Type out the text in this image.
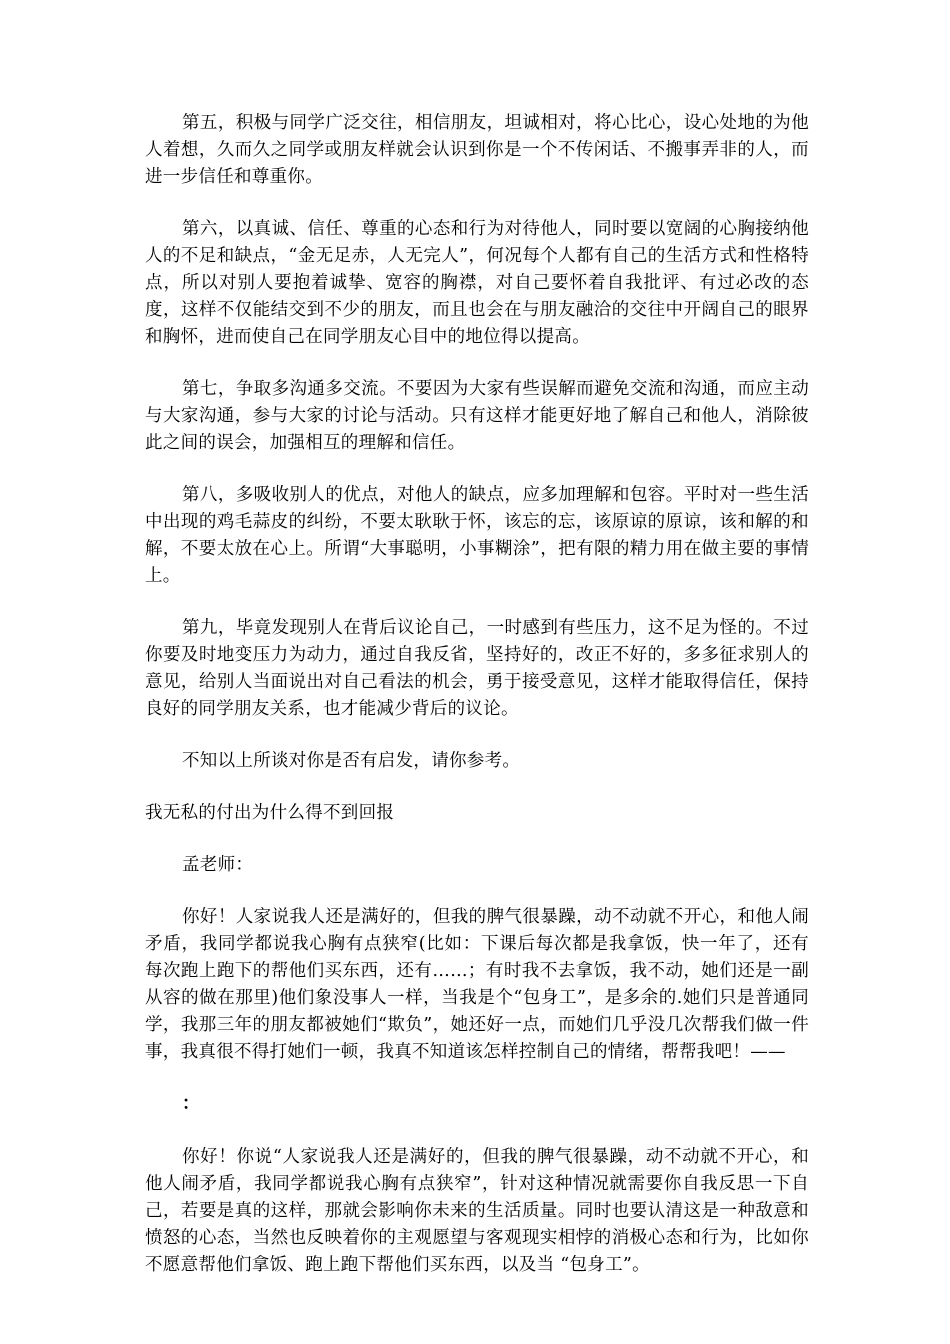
第五，积极与同学广泛交往，相信朋友，坦诚相对，将心比心，设心处地的为他人着想，久而久之同学或朋友样就会认识到你是一个不传闲话、不搬事弄非的人，而进一步信任和尊重你。

第六，以真诚、信任、尊重的心态和行为对待他人，同时要以宽阔的心胸接纳他人的不足和缺点，“金无足赤，人无完人”，何况每个人都有自己的生活方式和性格特点，所以对别人要抱着诚挚、宽容的胸襟，对自己要怀着自我批评、有过必改的态度，这样不仅能结交到不少的朋友，而且也会在与朋友融洽的交往中开阔自己的眼界和胸怀，进而使自己在同学朋友心目中的地位得以提高。

第七，争取多沟通多交流。不要因为大家有些误解而避免交流和沟通，而应主动与大家沟通，参与大家的讨论与活动。只有这样才能更好地了解自己和他人，消除彼此之间的误会，加强相互的理解和信任。

第八，多吸收别人的优点，对他人的缺点，应多加理解和包容。平时对一些生活中出现的鸡毛蒜皮的纠纷，不要太耿耿于怀，该忘的忘，该原谅的原谅，该和解的和解，不要太放在心上。所谓“大事聪明，小事糊涂”，把有限的精力用在做主要的事情上。

第九，毕竟发现别人在背后议论自己，一时感到有些压力，这不足为怪的。不过你要及时地变压力为动力，通过自我反省，坚持好的，改正不好的，多多征求别人的意见，给别人当面说出对自己看法的机会，勇于接受意见，这样才能取得信任，保持良好的同学朋友关系，也才能减少背后的议论。

不知以上所谈对你是否有启发，请你参考。

我无私的付出为什么得不到回报

孟老师：

你好！人家说我人还是满好的，但我的脾气很暴躁，动不动就不开心，和他人闹矛盾，我同学都说我心胸有点狭窄(比如：下课后每次都是我拿饭，快一年了，还有每次跑上跑下的帮他们买东西，还有……；有时我不去拿饭，我不动，她们还是一副从容的做在那里)他们象没事人一样，当我是个“包身工”，是多余的.她们只是普通同学，我那三年的朋友都被她们“欺负”，她还好一点，而她们几乎没几次帮我们做一件事，我真很不得打她们一顿，我真不知道该怎样控制自己的情绪，帮帮我吧！——

：

你好！你说“人家说我人还是满好的，但我的脾气很暴躁，动不动就不开心，和他人闹矛盾，我同学都说我心胸有点狭窄”，针对这种情况就需要你自我反思一下自己，若要是真的这样，那就会影响你未来的生活质量。同时也要认清这是一种敌意和愤怒的心态，当然也反映着你的主观愿望与客观现实相悖的消极心态和行为，比如你不愿意帮他们拿饭、跑上跑下帮他们买东西，以及当 “包身工”。
